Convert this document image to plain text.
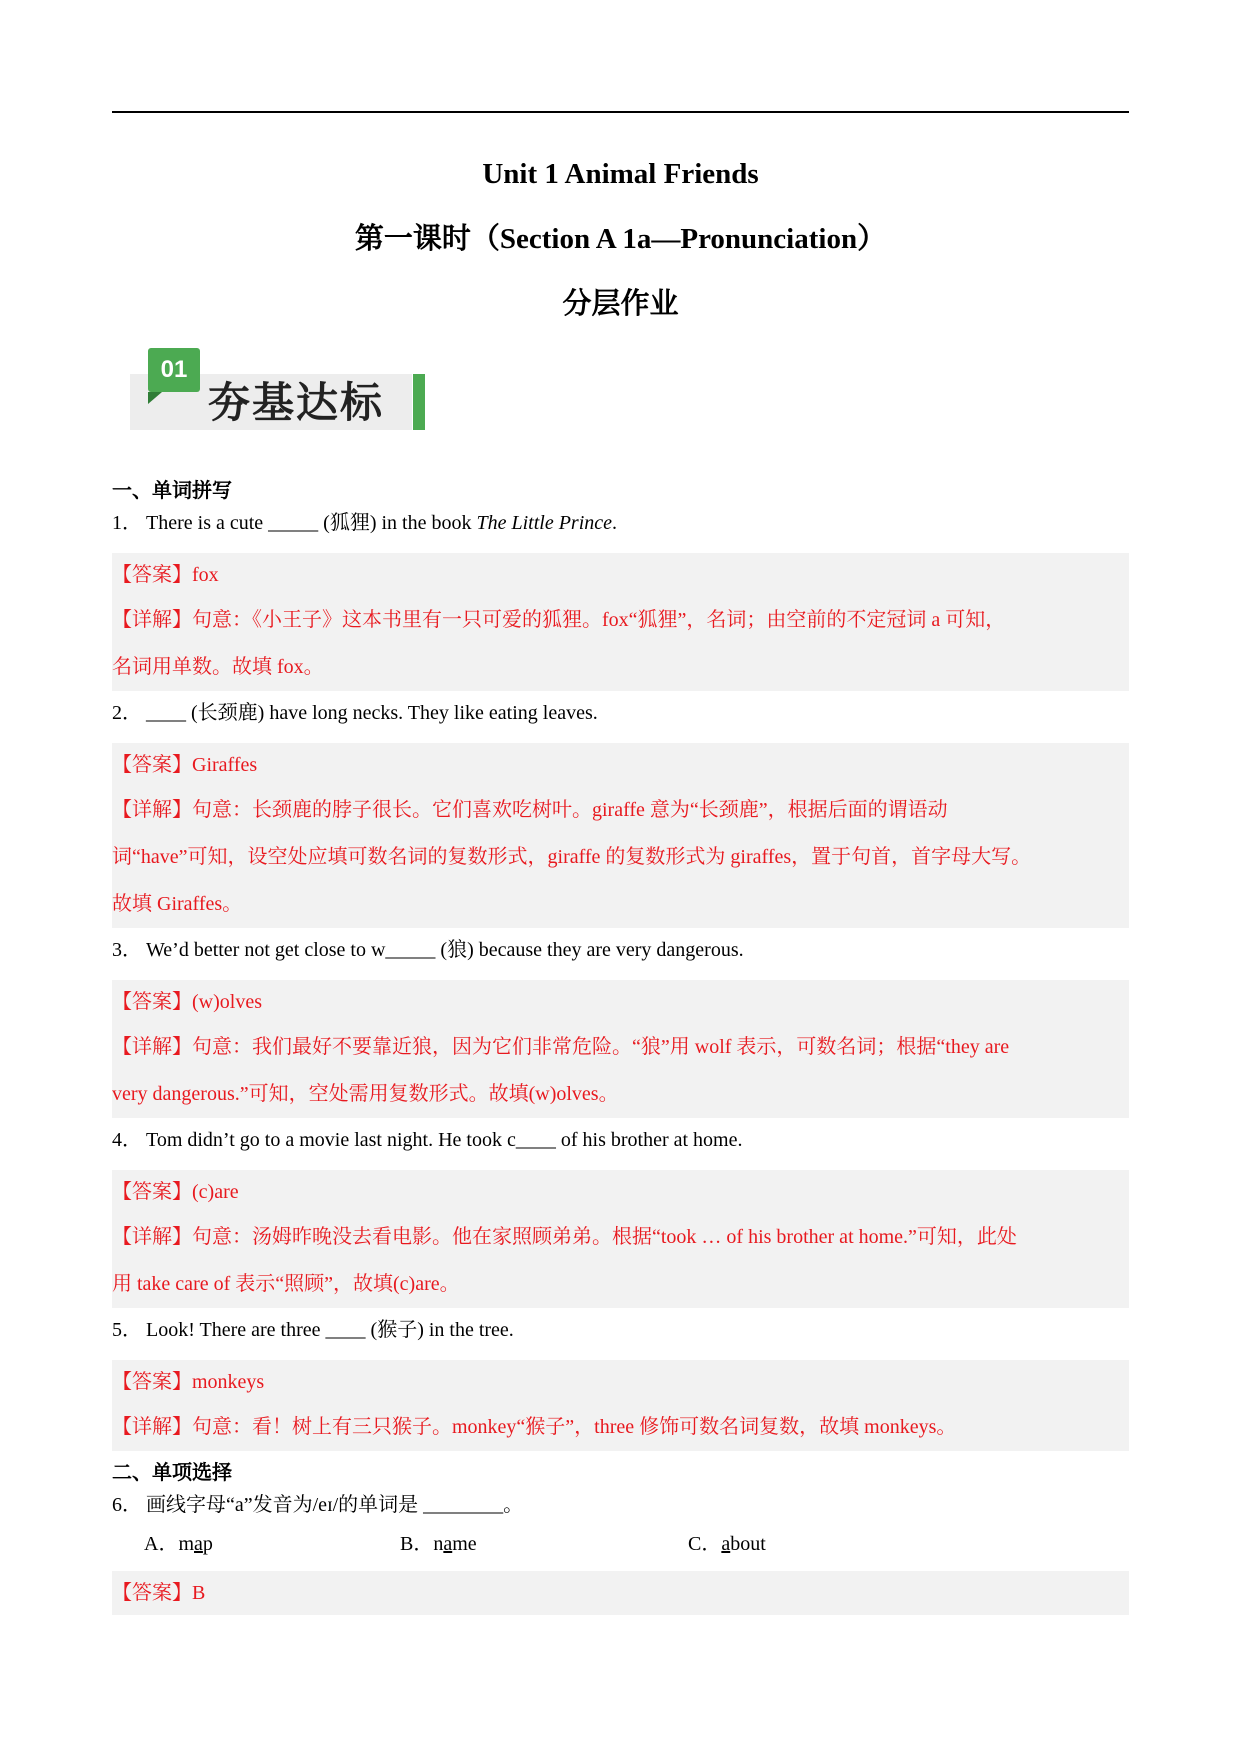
Unit 1 Animal Friends
第一课时（Section A 1a—Pronunciation）
分层作业
01
夯基达标
一、单词拼写
1． There is a cute _____ (狐狸) in the book The Little Prince.
【答案】fox
【详解】句意：《小王子》这本书里有一只可爱的狐狸。fox“狐狸”，名词；由空前的不定冠词 a 可知，
名词用单数。故填 fox。
2． ____ (长颈鹿) have long necks. They like eating leaves.
【答案】Giraffes
【详解】句意：长颈鹿的脖子很长。它们喜欢吃树叶。giraffe 意为“长颈鹿”，根据后面的谓语动
词“have”可知，设空处应填可数名词的复数形式，giraffe 的复数形式为 giraffes，置于句首，首字母大写。
故填 Giraffes。
3． We’d better not get close to w_____ (狼) because they are very dangerous.
【答案】(w)olves
【详解】句意：我们最好不要靠近狼，因为它们非常危险。“狼”用 wolf 表示，可数名词；根据“they are
very dangerous.”可知，空处需用复数形式。故填(w)olves。
4． Tom didn’t go to a movie last night. He took c____ of his brother at home.
【答案】(c)are
【详解】句意：汤姆昨晚没去看电影。他在家照顾弟弟。根据“took … of his brother at home.”可知，此处
用 take care of 表示“照顾”，故填(c)are。
5． Look! There are three ____ (猴子) in the tree.
【答案】monkeys
【详解】句意：看！树上有三只猴子。monkey“猴子”，three 修饰可数名词复数，故填 monkeys。
二、单项选择
6． 画线字母“a”发音为/eɪ/的单词是 ________。
A．map	B．name	C．about
【答案】B
